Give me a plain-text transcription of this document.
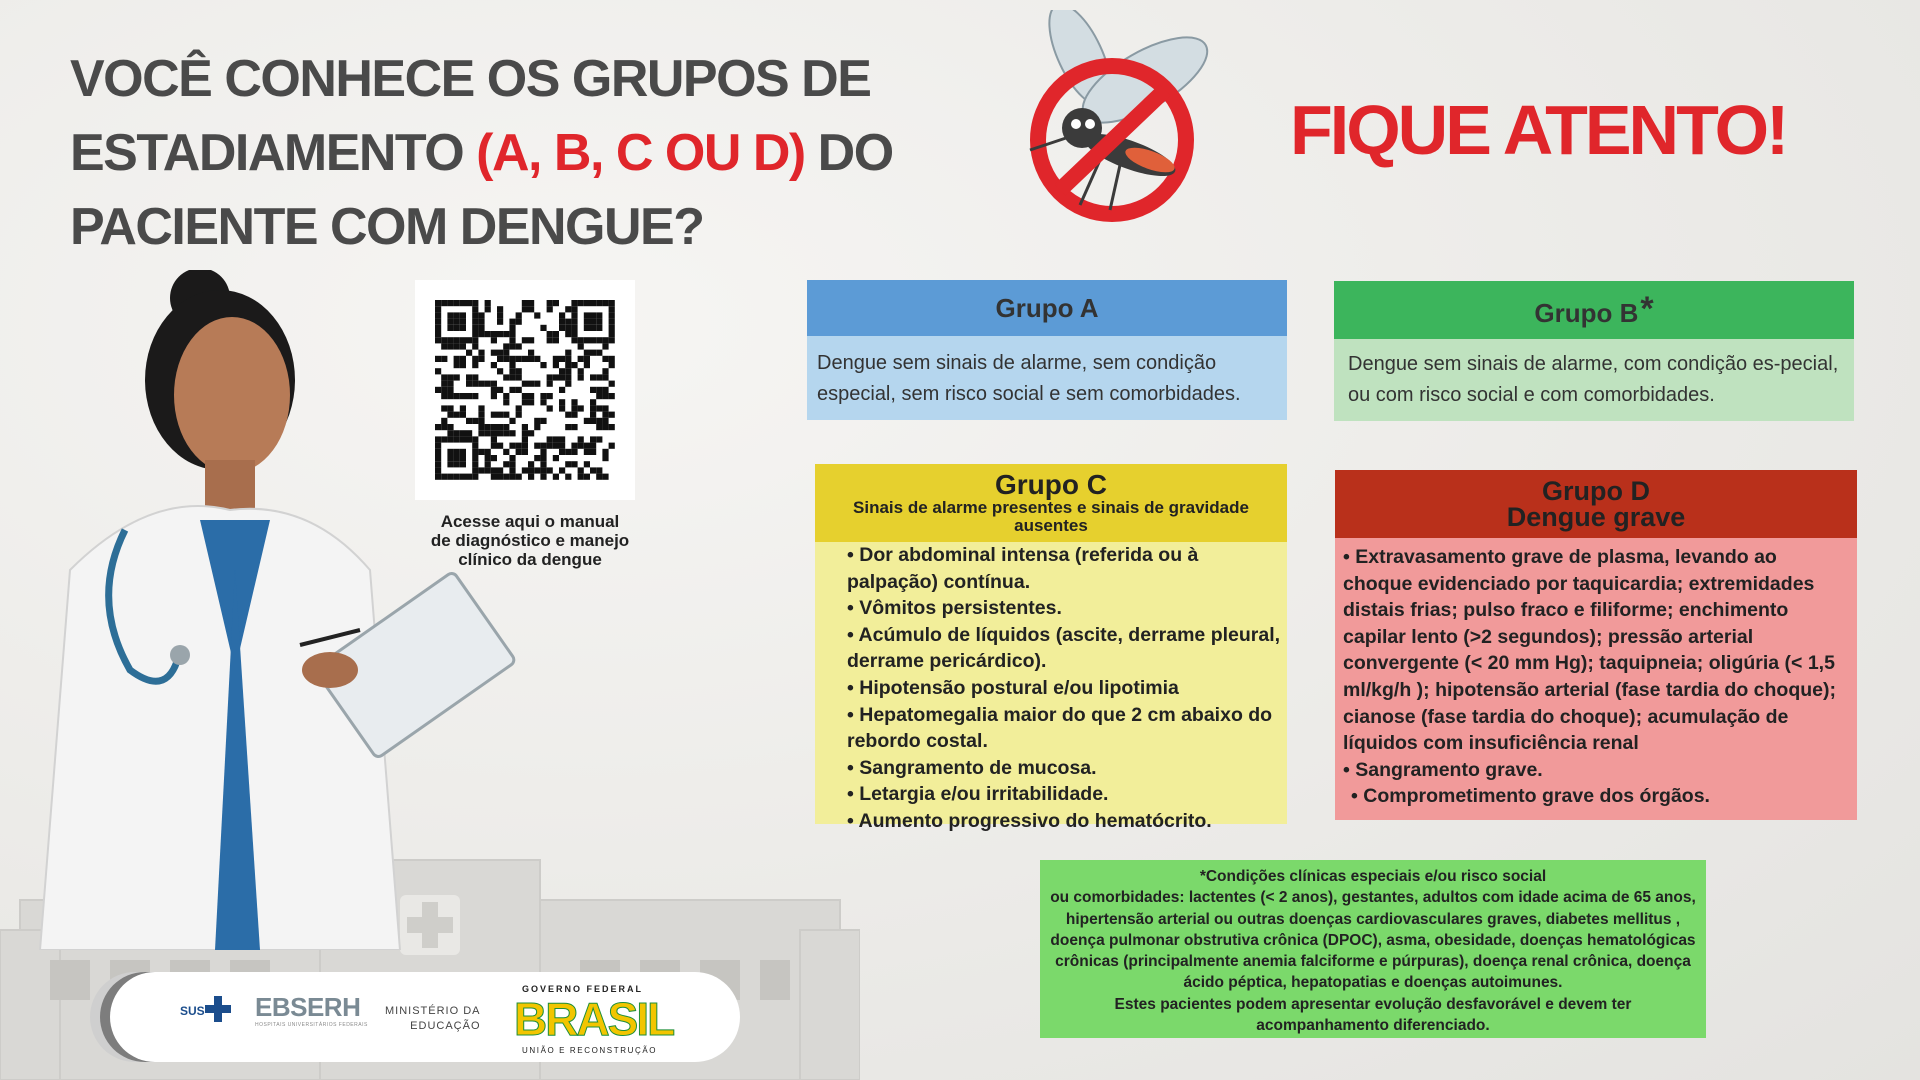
VOCÊ CONHECE OS GRUPOS DE
ESTADIAMENTO (A, B, C OU D) DO
PACIENTE COM DENGUE?
FIQUE ATENTO!
Acesse aqui o manual
de diagnóstico e manejo
clínico da dengue
Grupo A
Dengue sem sinais de alarme, sem condição especial, sem risco social e sem comorbidades.
Grupo B*
Dengue sem sinais de alarme, com condição es-pecial, ou com risco social e com comorbidades.
Grupo C
Sinais de alarme presentes e sinais de gravidade ausentes
• Dor abdominal intensa (referida ou à palpação) contínua.
• Vômitos persistentes.
• Acúmulo de líquidos (ascite, derrame pleural, derrame pericárdico).
• Hipotensão postural e/ou lipotimia
• Hepatomegalia maior do que 2 cm abaixo do rebordo costal.
• Sangramento de mucosa.
• Letargia e/ou irritabilidade.
• Aumento progressivo do hematócrito.
Grupo D
Dengue grave
• Extravasamento grave de plasma, levando ao choque evidenciado por taquicardia; extremidades distais frias; pulso fraco e filiforme; enchimento capilar lento (>2 segundos); pressão arterial convergente (< 20 mm Hg); taquipneia; oligúria (< 1,5 ml/kg/h ); hipotensão arterial (fase tardia do choque); cianose (fase tardia do choque); acumulação de líquidos com insuficiência renal
• Sangramento grave.
• Comprometimento grave dos órgãos.
*Condições clínicas especiais e/ou risco social
ou comorbidades: lactentes (< 2 anos), gestantes, adultos com idade acima de 65 anos, hipertensão arterial ou outras doenças cardiovasculares graves, diabetes mellitus , doença pulmonar obstrutiva crônica (DPOC), asma, obesidade, doenças hematológicas crônicas (principalmente anemia falciforme e púrpuras), doença renal crônica, doença ácido péptica, hepatopatias e doenças autoimunes.
Estes pacientes podem apresentar evolução desfavorável e devem ter acompanhamento diferenciado.
SUS EBSERH
HOSPITAIS UNIVERSITÁRIOS FEDERAIS
MINISTÉRIO DA
EDUCAÇÃO
GOVERNO FEDERAL
BRASIL
UNIÃO E RECONSTRUÇÃO
